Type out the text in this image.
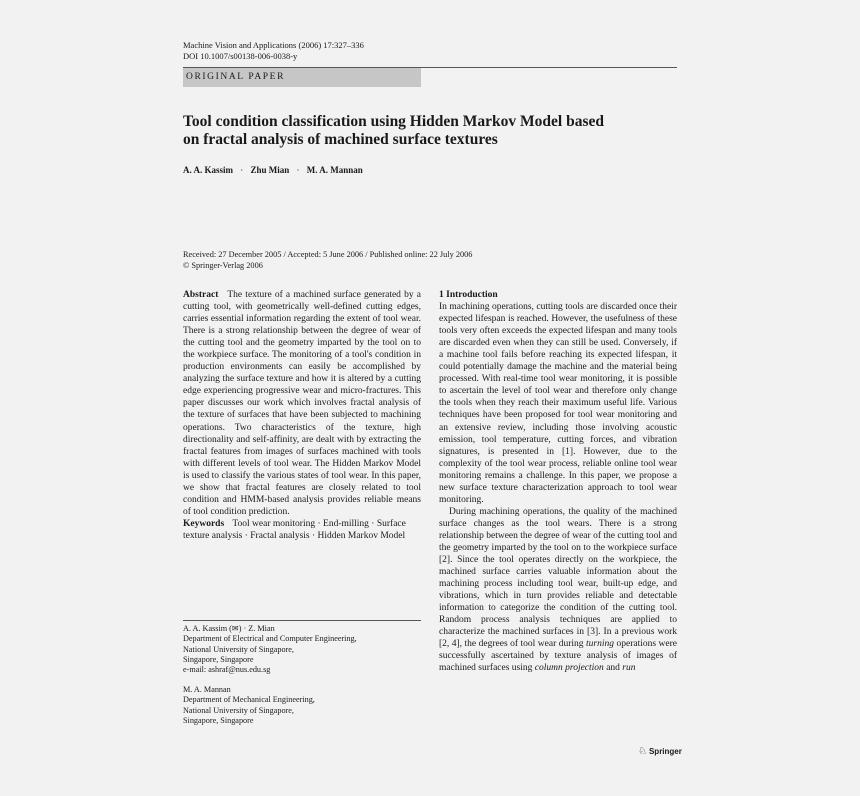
Machine Vision and Applications (2006) 17:327–336
DOI 10.1007/s00138-006-0038-y
ORIGINAL PAPER
Tool condition classification using Hidden Markov Model based
on fractal analysis of machined surface textures
A. A. Kassim · Zhu Mian · M. A. Mannan
Received: 27 December 2005 / Accepted: 5 June 2006 / Published online: 22 July 2006
© Springer-Verlag 2006

Abstract The texture of a machined surface generated by a cutting tool, with geometrically well-defined cutting edges, carries essential information regarding the extent of tool wear. There is a strong relationship between the degree of wear of the cutting tool and the geometry imparted by the tool on to the workpiece surface. The monitoring of a tool's condition in production environments can easily be accomplished by analyzing the surface texture and how it is altered by a cutting edge experiencing progressive wear and micro-fractures. This paper discusses our work which involves fractal analysis of the texture of surfaces that have been subjected to machining operations. Two characteristics of the texture, high directionality and self-affinity, are dealt with by extracting the fractal features from images of surfaces machined with tools with different levels of tool wear. The Hidden Markov Model is used to classify the various states of tool wear. In this paper, we show that fractal features are closely related to tool condition and HMM-based analysis provides reliable means of tool condition prediction.

Keywords Tool wear monitoring · End-milling · Surface texture analysis · Fractal analysis · Hidden Markov Model

A. A. Kassim (✉) · Z. Mian
Department of Electrical and Computer Engineering,
National University of Singapore,
Singapore, Singapore
e-mail: ashraf@nus.edu.sg
M. A. Mannan
Department of Mechanical Engineering,
National University of Singapore,
Singapore, Singapore

1 Introduction

In machining operations, cutting tools are discarded once their expected lifespan is reached. However, the usefulness of these tools very often exceeds the expected lifespan and many tools are discarded even when they can still be used. Conversely, if a machine tool fails before reaching its expected lifespan, it could potentially damage the machine and the material being processed. With real-time tool wear monitoring, it is possible to ascertain the level of tool wear and therefore only change the tools when they reach their maximum useful life. Various techniques have been proposed for tool wear monitoring and an extensive review, including those involving acoustic emission, tool temperature, cutting forces, and vibration signatures, is presented in [1]. However, due to the complexity of the tool wear process, reliable online tool wear monitoring remains a challenge. In this paper, we propose a new surface texture characterization approach to tool wear monitoring.

During machining operations, the quality of the machined surface changes as the tool wears. There is a strong relationship between the degree of wear of the cutting tool and the geometry imparted by the tool on to the workpiece surface [2]. Since the tool operates directly on the workpiece, the machined surface carries valuable information about the machining process including tool wear, built-up edge, and vibrations, which in turn provides reliable and detectable information to categorize the condition of the cutting tool. Random process analysis techniques are applied to characterize the machined surfaces in [3]. In a previous work [2, 4], the degrees of tool wear during turning operations were successfully ascertained by texture analysis of images of machined surfaces using column projection and run

♘ Springer
